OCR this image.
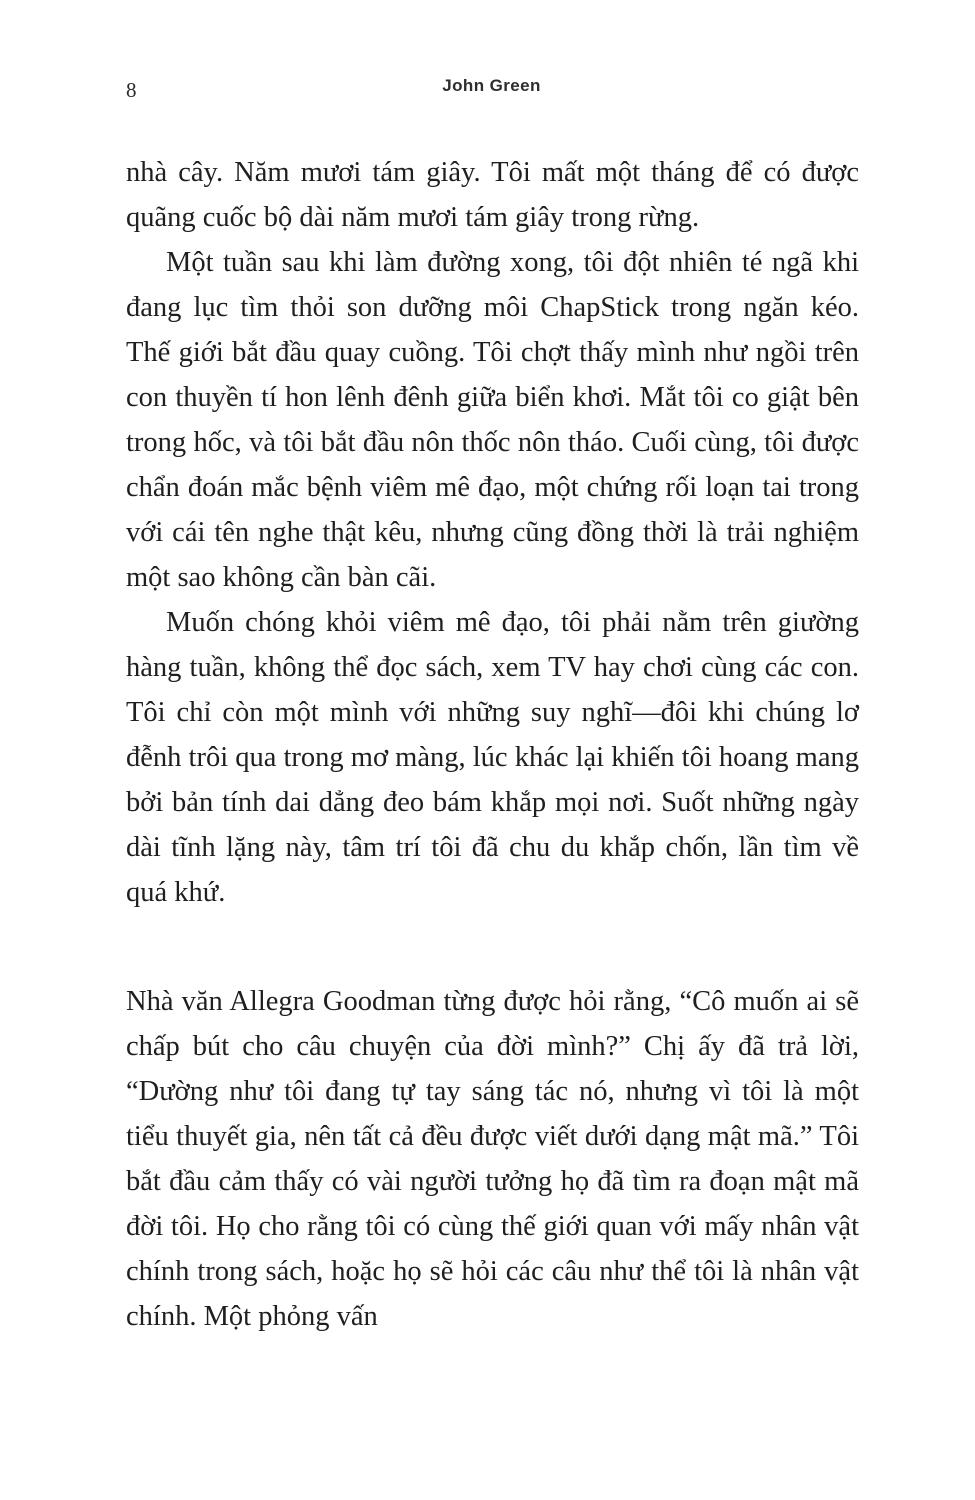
8	John Green

nhà cây. Năm mươi tám giây. Tôi mất một tháng để có được quãng cuốc bộ dài năm mươi tám giây trong rừng.

Một tuần sau khi làm đường xong, tôi đột nhiên té ngã khi đang lục tìm thỏi son dưỡng môi ChapStick trong ngăn kéo. Thế giới bắt đầu quay cuồng. Tôi chợt thấy mình như ngồi trên con thuyền tí hon lênh đênh giữa biển khơi. Mắt tôi co giật bên trong hốc, và tôi bắt đầu nôn thốc nôn tháo. Cuối cùng, tôi được chẩn đoán mắc bệnh viêm mê đạo, một chứng rối loạn tai trong với cái tên nghe thật kêu, nhưng cũng đồng thời là trải nghiệm một sao không cần bàn cãi.

Muốn chóng khỏi viêm mê đạo, tôi phải nằm trên giường hàng tuần, không thể đọc sách, xem TV hay chơi cùng các con. Tôi chỉ còn một mình với những suy nghĩ—đôi khi chúng lơ đễnh trôi qua trong mơ màng, lúc khác lại khiến tôi hoang mang bởi bản tính dai dẳng đeo bám khắp mọi nơi. Suốt những ngày dài tĩnh lặng này, tâm trí tôi đã chu du khắp chốn, lần tìm về quá khứ.

Nhà văn Allegra Goodman từng được hỏi rằng, “Cô muốn ai sẽ chấp bút cho câu chuyện của đời mình?” Chị ấy đã trả lời, “Dường như tôi đang tự tay sáng tác nó, nhưng vì tôi là một tiểu thuyết gia, nên tất cả đều được viết dưới dạng mật mã.” Tôi bắt đầu cảm thấy có vài người tưởng họ đã tìm ra đoạn mật mã đời tôi. Họ cho rằng tôi có cùng thế giới quan với mấy nhân vật chính trong sách, hoặc họ sẽ hỏi các câu như thể tôi là nhân vật chính. Một phỏng vấn
